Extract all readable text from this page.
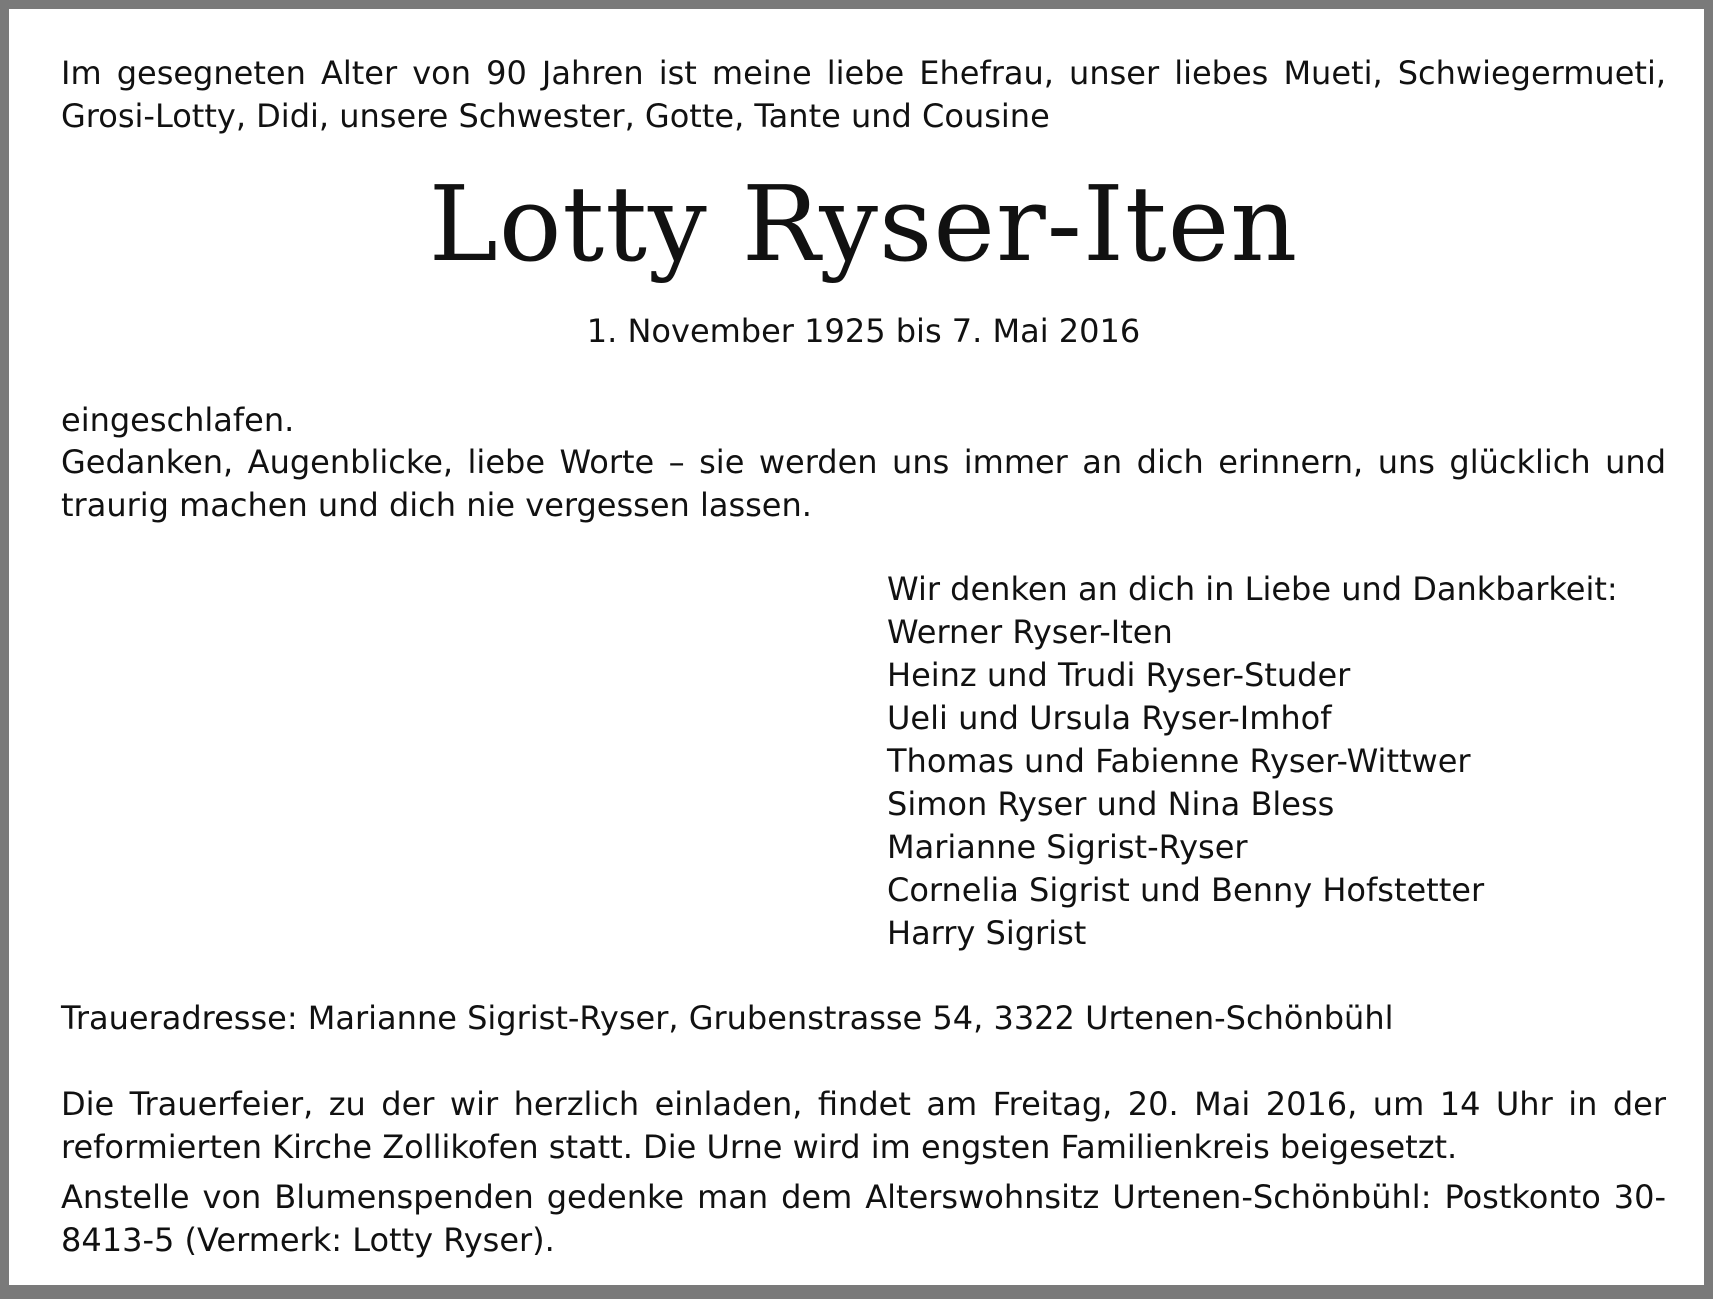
Im gesegneten Alter von 90 Jahren ist meine liebe Ehefrau, unser liebes Mueti, Schwiegermueti, Grosi-Lotty, Didi, unsere Schwester, Gotte, Tante und Cousine
Lotty Ryser-Iten
1. November 1925 bis 7. Mai 2016
eingeschlafen.
Gedanken, Augenblicke, liebe Worte – sie werden uns immer an dich erinnern, uns glücklich und traurig machen und dich nie vergessen lassen.
Wir denken an dich in Liebe und Dankbarkeit:
Werner Ryser-Iten
Heinz und Trudi Ryser-Studer
Ueli und Ursula Ryser-Imhof
Thomas und Fabienne Ryser-Wittwer
Simon Ryser und Nina Bless
Marianne Sigrist-Ryser
Cornelia Sigrist und Benny Hofstetter
Harry Sigrist
Traueradresse: Marianne Sigrist-Ryser, Grubenstrasse 54, 3322 Urtenen-Schönbühl
Die Trauerfeier, zu der wir herzlich einladen, findet am Freitag, 20. Mai 2016, um 14 Uhr in der reformierten Kirche Zollikofen statt. Die Urne wird im engsten Familienkreis beigesetzt.
Anstelle von Blumenspenden gedenke man dem Alterswohnsitz Urtenen-Schönbühl: Postkonto 30-8413-5 (Vermerk: Lotty Ryser).
